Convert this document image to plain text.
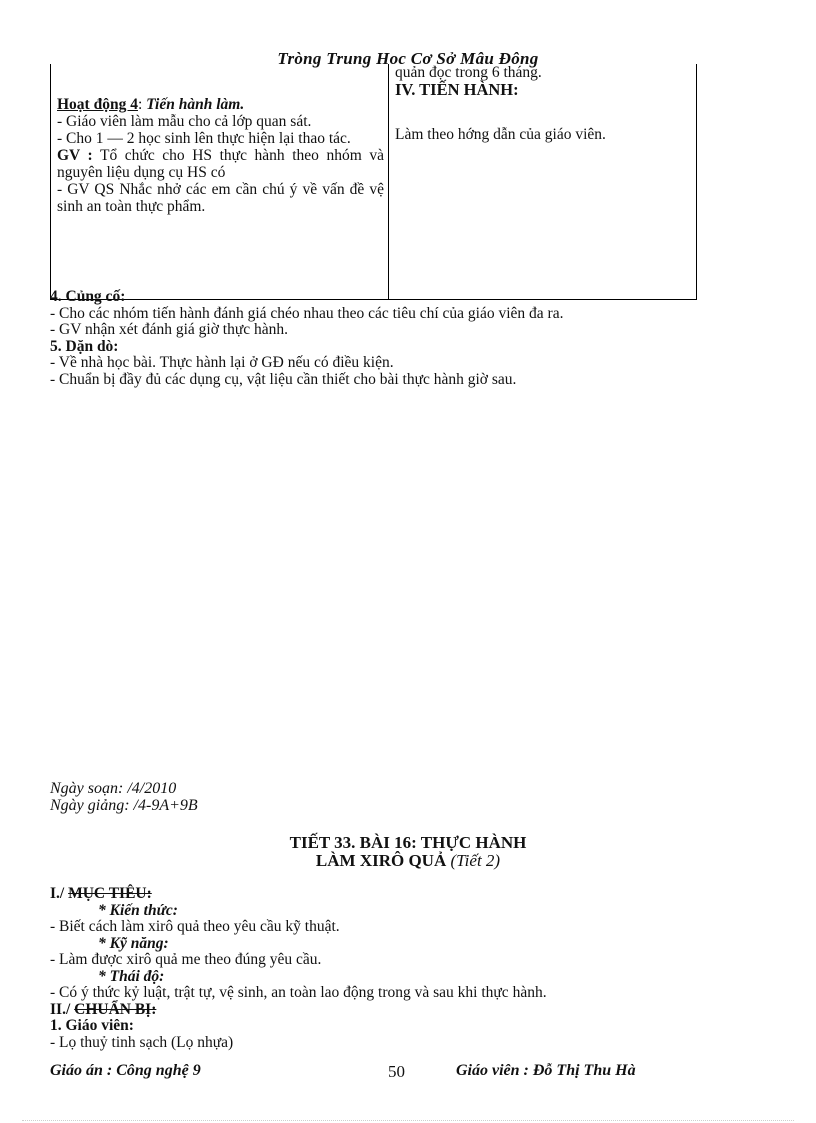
Tròng Trung Hoc Cơ Sở Mâu Đông
Hoạt động 4: Tiến hành làm.
- Giáo viên làm mẫu cho cả lớp quan sát.
- Cho 1 — 2 học sinh lên thực hiện lại thao tác.
GV : Tổ chức cho HS thực hành theo nhóm và nguyên liệu dụng cụ HS có
- GV QS Nhắc nhở các em cần chú ý về vấn đề vệ sinh an toàn thực phẩm.

quản đọc trong 6 tháng.
IV. TIẾN HÀNH:
Làm theo hớng dẫn của giáo viên.
4. Củng cố:
- Cho các nhóm tiến hành đánh giá chéo nhau theo các tiêu chí của giáo viên đa ra.
- GV nhận xét đánh giá giờ thực hành.
5. Dặn dò:
- Về nhà học bài. Thực hành lại ở GĐ nếu có điều kiện.
- Chuẩn bị đầy đủ các dụng cụ, vật liệu cần thiết cho bài thực hành giờ sau.
Ngày soạn: /4/2010
Ngày giảng: /4-9A+9B
TIẾT 33. BÀI 16: THỰC HÀNH
LÀM XIRÔ QUẢ (Tiết 2)
I./ MỤC TIÊU:
* Kiến thức:
- Biết cách làm xirô quả theo yêu cầu kỹ thuật.
* Kỹ năng:
- Làm được xirô quả me theo đúng yêu cầu.
* Thái độ:
- Có ý thức kỷ luật, trật tự, vệ sinh, an toàn lao động trong và sau khi thực hành.
II./ CHUẨN BỊ:
1. Giáo viên:
- Lọ thuỷ tinh sạch (Lọ nhựa)
Giáo án : Công nghệ 9	50	Giáo viên : Đỗ Thị Thu Hà
